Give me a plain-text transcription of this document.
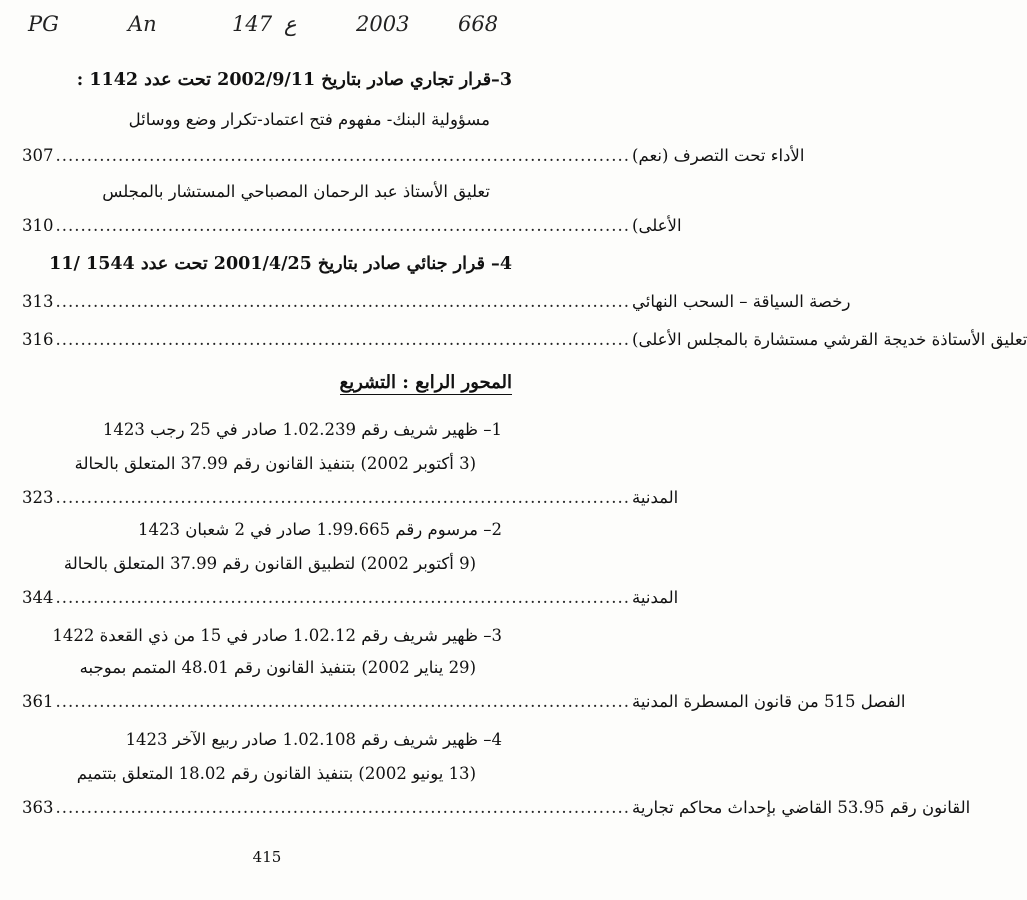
PG	An	147 ع	2003 668
3–قرار تجاري صادر بتاريخ 2002/9/11 تحت عدد 1142 :
مسؤولية البنك- مفهوم فتح اعتماد-تكرار وضع ووسائل
307 ............................................................................................ الأداء تحت التصرف (نعم)
تعليق الأستاذ عبد الرحمان المصباحي المستشار بالمجلس
310 ............................................................................................ الأعلى)
4– قرار جنائي صادر بتاريخ 2001/4/25 تحت عدد 1544 /11
313 ............................................................................................ رخصة السياقة – السحب النهائي
316 ............................................................................................ تعليق الأستاذة خديجة القرشي مستشارة بالمجلس الأعلى)
المحور الرابع : التشريع
1– ظهير شريف رقم 1.02.239 صادر في 25 رجب 1423
(3 أكتوبر 2002) بتنفيذ القانون رقم 37.99 المتعلق بالحالة
323 ............................................................................................ المدنية
2– مرسوم رقم 1.99.665 صادر في 2 شعبان 1423
(9 أكتوبر 2002) لتطبيق القانون رقم 37.99 المتعلق بالحالة
344 ............................................................................................ المدنية
3– ظهير شريف رقم 1.02.12 صادر في 15 من ذي القعدة 1422
(29 يناير 2002) بتنفيذ القانون رقم 48.01 المتمم بموجبه
361 ............................................................................................ الفصل 515 من قانون المسطرة المدنية
4– ظهير شريف رقم 1.02.108 صادر ربيع الآخر 1423
(13 يونيو 2002) بتنفيذ القانون رقم 18.02 المتعلق بتتميم
363 ............................................................................................ القانون رقم 53.95 القاضي بإحداث محاكم تجارية
415
